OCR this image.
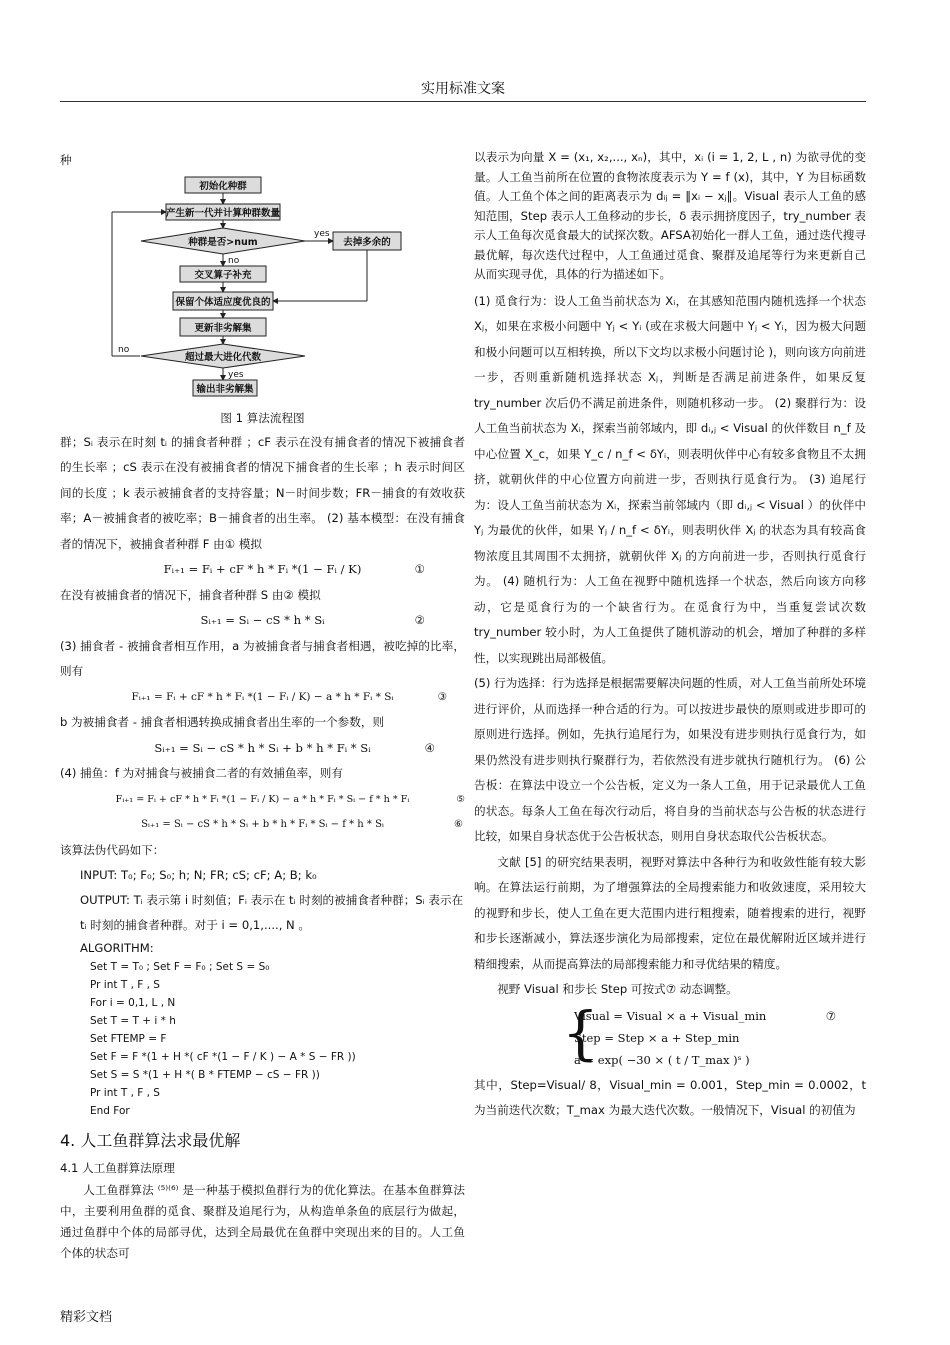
实用标准文案

种

初始化种群
产生新一代并计算种群数量
种群是否>num	去掉多余的
交叉算子补充
保留个体适应度优良的
更新非劣解集
超过最大进化代数
输出非劣解集
yes
no
no
yes

图 1 算法流程图

群；Sᵢ 表示在时刻 tᵢ 的捕食者种群 ；cF 表示在没有捕食者的情况下被捕食者的生长率 ；cS 表示在没有被捕食者的情况下捕食者的生长率 ；h 表示时间区间的长度 ；k 表示被捕食者的支持容量；N－时间步数；FR－捕食的有效收获率；A－被捕食者的被吃率；B－捕食者的出生率。 (2) 基本模型：在没有捕食者的情况下，被捕食者种群 F 由① 模拟

Fᵢ₊₁ = Fᵢ + cF * h * Fᵢ *(1 − Fᵢ / K)	①

在没有被捕食者的情况下，捕食者种群 S 由② 模拟

Sᵢ₊₁ = Sᵢ − cS * h * Sᵢ	②

(3) 捕食者 - 被捕食者相互作用，a 为被捕食者与捕食者相遇，被吃掉的比率，则有

Fᵢ₊₁ = Fᵢ + cF * h * Fᵢ *(1 − Fᵢ / K) − a * h * Fᵢ * Sᵢ	③

b 为被捕食者 - 捕食者相遇转换成捕食者出生率的一个参数，则

Sᵢ₊₁ = Sᵢ − cS * h * Sᵢ + b * h * Fᵢ * Sᵢ	④

(4) 捕鱼：f 为对捕食与被捕食二者的有效捕鱼率，则有

Fᵢ₊₁ = Fᵢ + cF * h * Fᵢ *(1 − Fᵢ / K) − a * h * Fᵢ * Sᵢ − f * h * Fᵢ	⑤

Sᵢ₊₁ = Sᵢ − cS * h * Sᵢ + b * h * Fᵢ * Sᵢ − f * h * Sᵢ	⑥

该算法伪代码如下：

INPUT: T₀; F₀; S₀; h; N; FR; cS; cF; A; B; k₀

OUTPUT: Tᵢ 表示第 i 时刻值；Fᵢ 表示在 tᵢ 时刻的被捕食者种群；Sᵢ 表示在 tᵢ 时刻的捕食者种群。对于 i = 0,1,...., N 。

ALGORITHM:

Set T = T₀ ; Set F = F₀ ; Set S = S₀

Pr int T , F , S

For i = 0,1, L , N

Set T = T + i * h

Set FTEMP = F

Set F = F *(1 + H *( cF *(1 − F / K ) − A * S − FR ))

Set S = S *(1 + H *( B * FTEMP − cS − FR ))

Pr int T , F , S

End For

4. 人工鱼群算法求最优解

4.1 人工鱼群算法原理

人工鱼群算法 ⁽⁵⁾⁽⁶⁾ 是一种基于模拟鱼群行为的优化算法。在基本鱼群算法中，主要利用鱼群的觅食、聚群及追尾行为，从构造单条鱼的底层行为做起，通过鱼群中个体的局部寻优，达到全局最优在鱼群中突现出来的目的。人工鱼个体的状态可

以表示为向量 X = (x₁, x₂,..., xₙ)，其中，xᵢ (i = 1, 2, L , n) 为欲寻优的变量。人工鱼当前所在位置的食物浓度表示为 Y = f (x)，其中，Y 为目标函数值。人工鱼个体之间的距离表示为 dᵢⱼ = ‖xᵢ − xⱼ‖。Visual 表示人工鱼的感知范围，Step 表示人工鱼移动的步长，δ 表示拥挤度因子，try_number 表示人工鱼每次觅食最大的试探次数。AFSA初始化一群人工鱼，通过迭代搜寻最优解，每次迭代过程中，人工鱼通过觅食、聚群及追尾等行为来更新自己从而实现寻优，具体的行为描述如下。

(1) 觅食行为：设人工鱼当前状态为 Xᵢ，在其感知范围内随机选择一个状态 Xⱼ，如果在求极小问题中 Yⱼ < Yᵢ (或在求极大问题中 Yⱼ < Yᵢ，因为极大问题和极小问题可以互相转换，所以下文均以求极小问题讨论 )，则向该方向前进一步，否则重新随机选择状态 Xⱼ，判断是否满足前进条件，如果反复 try_number 次后仍不满足前进条件，则随机移动一步。 (2) 聚群行为：设人工鱼当前状态为 Xᵢ，探索当前邻域内，即 dᵢ,ⱼ < Visual 的伙伴数目 n_f 及中心位置 X_c，如果 Y_c / n_f < δYᵢ，则表明伙伴中心有较多食物且不太拥挤，就朝伙伴的中心位置方向前进一步，否则执行觅食行为。 (3) 追尾行为：设人工鱼当前状态为 Xᵢ，探索当前邻域内（即 dᵢ,ⱼ < Visual ）的伙伴中 Yⱼ 为最优的伙伴，如果 Yⱼ / n_f < δYᵢ，则表明伙伴 Xⱼ 的状态为具有较高食物浓度且其周围不太拥挤，就朝伙伴 Xⱼ 的方向前进一步，否则执行觅食行为。 (4) 随机行为：人工鱼在视野中随机选择一个状态，然后向该方向移动，它是觅食行为的一个缺省行为。在觅食行为中，当重复尝试次数 try_number 较小时，为人工鱼提供了随机游动的机会，增加了种群的多样性，以实现跳出局部极值。

(5) 行为选择：行为选择是根据需要解决问题的性质，对人工鱼当前所处环境进行评价，从而选择一种合适的行为。可以按进步最快的原则或进步即可的原则进行选择。例如，先执行追尾行为，如果没有进步则执行觅食行为，如果仍然没有进步则执行聚群行为，若依然没有进步就执行随机行为。 (6) 公告板：在算法中设立一个公告板，定义为一条人工鱼，用于记录最优人工鱼的状态。每条人工鱼在每次行动后，将自身的当前状态与公告板的状态进行比较，如果自身状态优于公告板状态，则用自身状态取代公告板状态。

文献 [5] 的研究结果表明，视野对算法中各种行为和收敛性能有较大影响。在算法运行前期，为了增强算法的全局搜索能力和收敛速度，采用较大的视野和步长，使人工鱼在更大范围内进行粗搜索，随着搜索的进行，视野和步长逐渐减小，算法逐步演化为局部搜索，定位在最优解附近区域并进行精细搜索，从而提高算法的局部搜索能力和寻优结果的精度。

视野 Visual 和步长 Step 可按式⑦ 动态调整。

{
Visual = Visual × a + Visual_min
Step = Step × a + Step_min
a = exp( −30 × ( t / T_max )ˢ )
⑦

其中，Step=Visual/ 8，Visual_min = 0.001，Step_min = 0.0002，t 为当前迭代次数；T_max 为最大迭代次数。一般情况下，Visual 的初值为

精彩文档
